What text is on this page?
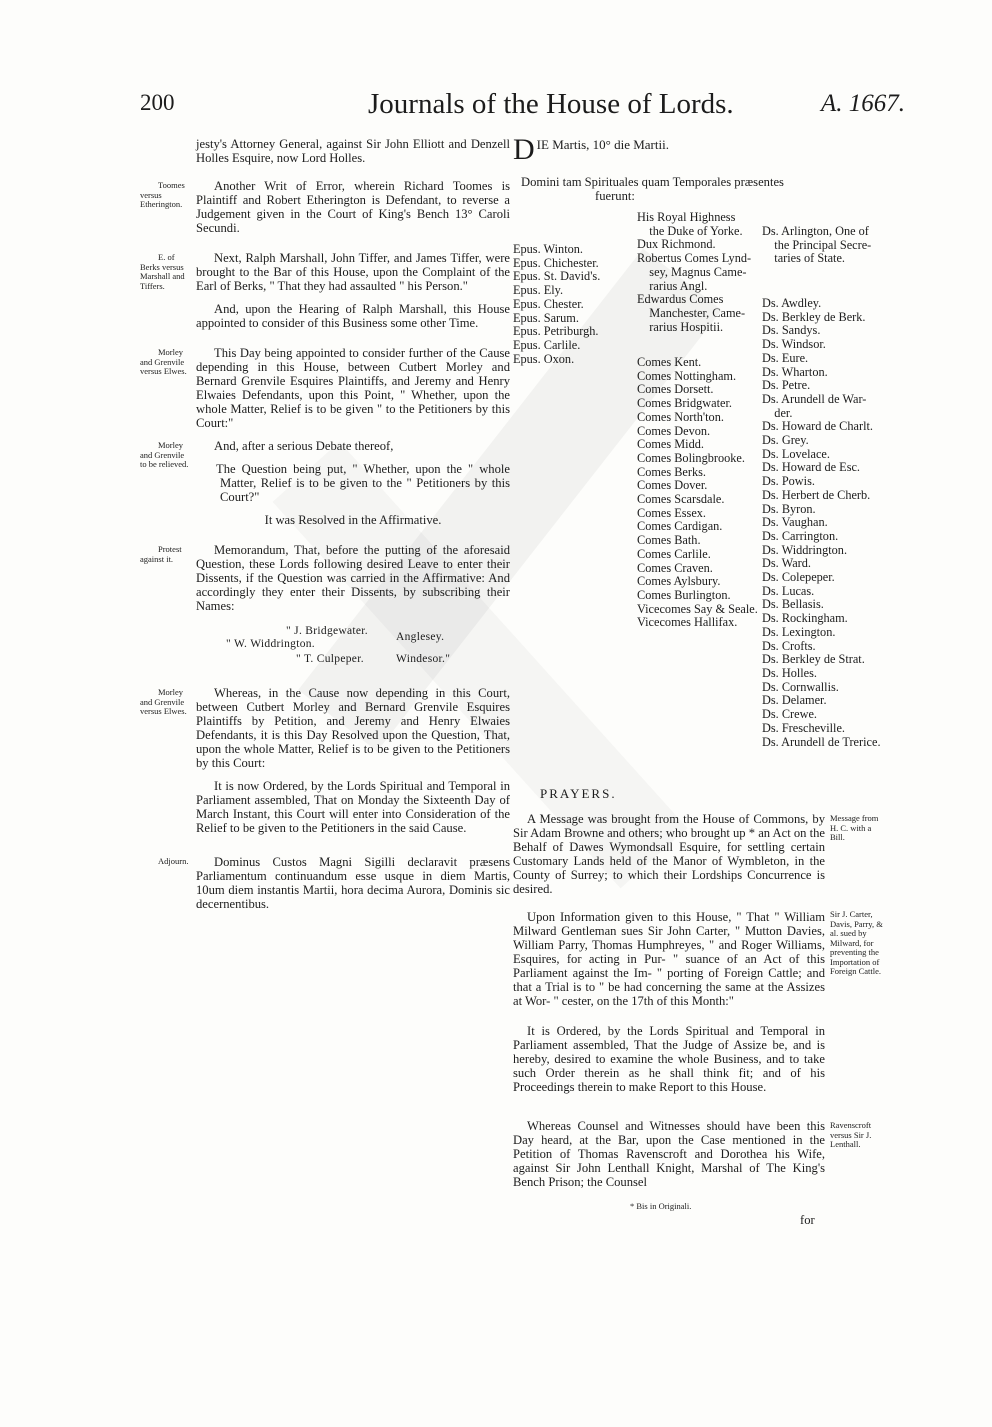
200	Journals of the House of Lords.	A. 1667.

jesty's Attorney General, against Sir John Elliott and Denzell Holles Esquire, now Lord Holles.

Toomes versus Etherington.
Another Writ of Error, wherein Richard Toomes is Plaintiff and Robert Etherington is Defendant, to reverse a Judgement given in the Court of King's Bench 13° Caroli Secundi.
E. of Berks versus Marshall and Tiffers.
Next, Ralph Marshall, John Tiffer, and James Tiffer, were brought to the Bar of this House, upon the Complaint of the Earl of Berks, " That they had assaulted " his Person."

And, upon the Hearing of Ralph Marshall, this House appointed to consider of this Business some other Time.

Morley and Grenvile versus Elwes.
This Day being appointed to consider further of the Cause depending in this House, between Cutbert Morley and Bernard Grenvile Esquires Plaintiffs, and Jeremy and Henry Elwaies Defendants, upon this Point, " Whether, upon the whole Matter, Relief is to be given " to the Petitioners by this Court:"
Morley and Grenvile to be relieved.
And, after a serious Debate thereof,

The Question being put, " Whether, upon the " whole Matter, Relief is to be given to the " Petitioners by this Court?"

It was Resolved in the Affirmative.

Protest against it.
Memorandum, That, before the putting of the aforesaid Question, these Lords following desired Leave to enter their Dissents, if the Question was carried in the Affirmative: And accordingly they enter their Dissents, by subscribing their Names:
" J. Bridgewater. Anglesey.
" W. Widdrington.
" T. Culpeper.	Windesor."
Morley and Grenvile versus Elwes.
Whereas, in the Cause now depending in this Court, between Cutbert Morley and Bernard Grenvile Esquires Plaintiffs by Petition, and Jeremy and Henry Elwaies Defendants, it is this Day Resolved upon the Question, That, upon the whole Matter, Relief is to be given to the Petitioners by this Court:

It is now Ordered, by the Lords Spiritual and Temporal in Parliament assembled, That on Monday the Sixteenth Day of March Instant, this Court will enter into Consideration of the Relief to be given to the Petitioners in the said Cause.

Adjourn. Dominus Custos Magni Sigilli declaravit præsens Parliamentum continuandum esse usque in diem Martis, 10um diem instantis Martii, hora decima Aurora, Dominis sic decernentibus.
D IE Martis, 10° die Martii.
Domini tam Spirituales quam Temporales præsentes
fuerunt:
Epus. Winton.
Epus. Chichester.
Epus. St. David's.
Epus. Ely.
Epus. Chester.
Epus. Sarum.
Epus. Petriburgh.
Epus. Carlile.
Epus. Oxon.
His Royal Highness
the Duke of Yorke.
Dux Richmond.
Robertus Comes Lynd-
sey, Magnus Came-
rarius Angl.
Edwardus Comes
Manchester, Came-
rarius Hospitii.
Comes Kent.
Comes Nottingham.
Comes Dorsett.
Comes Bridgwater.
Comes North'ton.
Comes Devon.
Comes Midd.
Comes Bolingbrooke.
Comes Berks.
Comes Dover.
Comes Scarsdale.
Comes Essex.
Comes Cardigan.
Comes Bath.
Comes Carlile.
Comes Craven.
Comes Aylsbury.
Comes Burlington.
Vicecomes Say & Seale.
Vicecomes Hallifax.
Ds. Arlington, One of
the Principal Secre-
taries of State.
Ds. Awdley.
Ds. Berkley de Berk.
Ds. Sandys.
Ds. Windsor.
Ds. Eure.
Ds. Wharton.
Ds. Petre.
Ds. Arundell de War-
der.
Ds. Howard de Charlt.
Ds. Grey.
Ds. Lovelace.
Ds. Howard de Esc.
Ds. Powis.
Ds. Herbert de Cherb.
Ds. Byron.
Ds. Vaughan.
Ds. Carrington.
Ds. Widdrington.
Ds. Ward.
Ds. Colepeper.
Ds. Lucas.
Ds. Bellasis.
Ds. Rockingham.
Ds. Lexington.
Ds. Crofts.
Ds. Berkley de Strat.
Ds. Holles.
Ds. Cornwallis.
Ds. Delamer.
Ds. Crewe.
Ds. Frescheville.
Ds. Arundell de Trerice.
PRAYERS.
A Message was brought from the House of Commons, by Sir Adam Browne and others; who brought up * an Act on the Behalf of Dawes Wymondsall Esquire, for settling certain Customary Lands held of the Manor of Wymbleton, in the County of Surrey; to which their Lordships Concurrence is desired.
Message from H. C. with a Bill.
Upon Information given to this House, " That " William Milward Gentleman sues Sir John Carter, " Mutton Davies, William Parry, Thomas Humphreyes, " and Roger Williams, Esquires, for acting in Pur- " suance of an Act of this Parliament against the Im- " porting of Foreign Cattle; and that a Trial is to " be had concerning the same at the Assizes at Wor- " cester, on the 17th of this Month:"
Sir J. Carter, Davis, Parry, & al. sued by Milward, for preventing the Importation of Foreign Cattle.
It is Ordered, by the Lords Spiritual and Temporal in Parliament assembled, That the Judge of Assize be, and is hereby, desired to examine the whole Business, and to take such Order therein as he shall think fit; and of his Proceedings therein to make Report to this House.
Whereas Counsel and Witnesses should have been this Day heard, at the Bar, upon the Case mentioned in the Petition of Thomas Ravenscroft and Dorothea his Wife, against Sir John Lenthall Knight, Marshal of The King's Bench Prison; the Counsel
Ravenscroft versus Sir J. Lenthall.
* Bis in Originali.
for
